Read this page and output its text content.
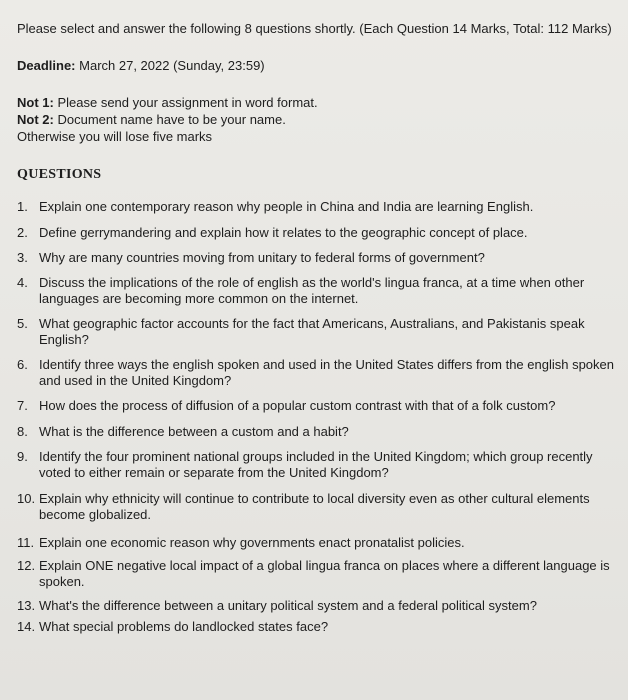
Please select and answer the following 8 questions shortly. (Each Question 14 Marks, Total: 112 Marks)

Deadline: March 27, 2022 (Sunday, 23:59)
Not 1: Please send your assignment in word format.
Not 2: Document name have to be your name.
Otherwise you will lose five marks
QUESTIONS
1. Explain one contemporary reason why people in China and India are learning English.
2. Define gerrymandering and explain how it relates to the geographic concept of place.
3. Why are many countries moving from unitary to federal forms of government?
4. Discuss the implications of the role of english as the world's lingua franca, at a time when other languages are becoming more common on the internet.
5. What geographic factor accounts for the fact that Americans, Australians, and Pakistanis speak English?
6. Identify three ways the english spoken and used in the United States differs from the english spoken and used in the United Kingdom?
7. How does the process of diffusion of a popular custom contrast with that of a folk custom?
8. What is the difference between a custom and a habit?
9. Identify the four prominent national groups included in the United Kingdom; which group recently voted to either remain or separate from the United Kingdom?
10. Explain why ethnicity will continue to contribute to local diversity even as other cultural elements become globalized.
11. Explain one economic reason why governments enact pronatalist policies.
12. Explain ONE negative local impact of a global lingua franca on places where a different language is spoken.
13. What's the difference between a unitary political system and a federal political system?
14. What special problems do landlocked states face?
